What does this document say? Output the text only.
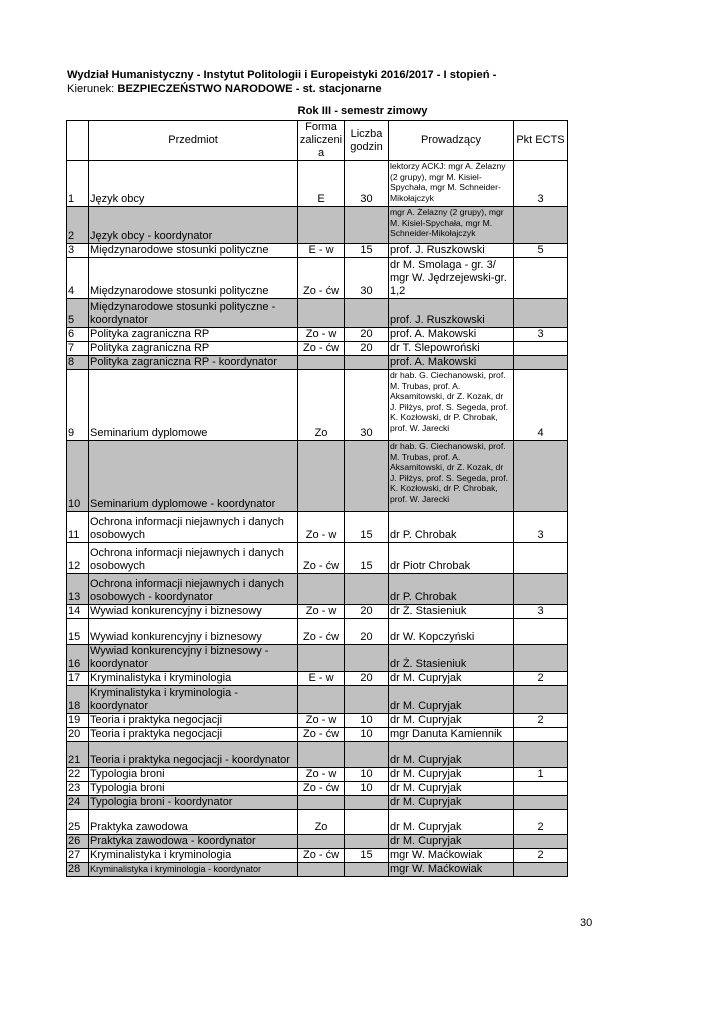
Wydział Humanistyczny - Instytut Politologii i Europeistyki 2016/2017 - I stopień -
Kierunek: BEZPIECZEŃSTWO NARODOWE - st. stacjonarne
Rok III - semestr zimowy
	Przedmiot	Forma zaliczeni a	Liczba godzin	Prowadzący	Pkt ECTS
1	Język obcy	E	30	lektorzy ACKJ: mgr A. Żelazny (2 grupy), mgr M. Kisiel-Spychała, mgr M. Schneider-Mikołajczyk	3
2	Język obcy - koordynator			mgr A. Żelazny (2 grupy), mgr M. Kisiel-Spychała, mgr M. Schneider-Mikołajczyk	
3	Międzynarodowe stosunki polityczne	E - w	15	prof. J. Ruszkowski	5
4	Międzynarodowe stosunki polityczne	Zo - ćw	30	dr M. Smolaga - gr. 3/ mgr W. Jędrzejewski-gr. 1,2	
5	Międzynarodowe stosunki polityczne - koordynator			prof. J. Ruszkowski	
6	Polityka zagraniczna RP	Zo - w	20	prof. A. Makowski	3
7	Polityka zagraniczna RP	Zo - ćw	20	dr T. Ślepowroński	
8	Polityka zagraniczna RP - koordynator			prof. A. Makowski	
9	Seminarium dyplomowe	Zo	30	dr hab. G. Ciechanowski, prof. M. Trubas, prof. A. Aksamitowski, dr Z. Kozak, dr J. Piłżys, prof. S. Segeda, prof. K. Kozłowski, dr P. Chrobak, prof. W. Jarecki	4
10	Seminarium dyplomowe - koordynator			dr hab. G. Ciechanowski, prof. M. Trubas, prof. A. Aksamitowski, dr Z. Kozak, dr J. Piłżys, prof. S. Segeda, prof. K. Kozłowski, dr P. Chrobak, prof. W. Jarecki	
11	Ochrona informacji niejawnych i danych osobowych	Zo - w	15	dr P. Chrobak	3
12	Ochrona informacji niejawnych i danych osobowych	Zo - ćw	15	dr Piotr Chrobak	
13	Ochrona informacji niejawnych i danych osobowych - koordynator			dr P. Chrobak	
14	Wywiad konkurencyjny i biznesowy	Zo - w	20	dr Ż. Stasieniuk	3
15	Wywiad konkurencyjny i biznesowy	Zo - ćw	20	dr W. Kopczyński	
16	Wywiad konkurencyjny i biznesowy - koordynator			dr Ż. Stasieniuk	
17	Kryminalistyka i kryminologia	E - w	20	dr M. Cupryjak	2
18	Kryminalistyka i kryminologia - koordynator			dr M. Cupryjak	
19	Teoria i praktyka negocjacji	Zo - w	10	dr M. Cupryjak	2
20	Teoria i praktyka negocjacji	Zo - ćw	10	mgr Danuta Kamiennik	
21	Teoria i praktyka negocjacji - koordynator			dr M. Cupryjak	
22	Typologia broni	Zo - w	10	dr M. Cupryjak	1
23	Typologia broni	Zo - ćw	10	dr M. Cupryjak	
24	Typologia broni - koordynator			dr M. Cupryjak	
25	Praktyka zawodowa	Zo		dr M. Cupryjak	2
26	Praktyka zawodowa - koordynator			dr M. Cupryjak	
27	Kryminalistyka i kryminologia	Zo - ćw	15	mgr W. Maćkowiak	2
28	Kryminalistyka i kryminologia - koordynator			mgr W. Maćkowiak	
30
